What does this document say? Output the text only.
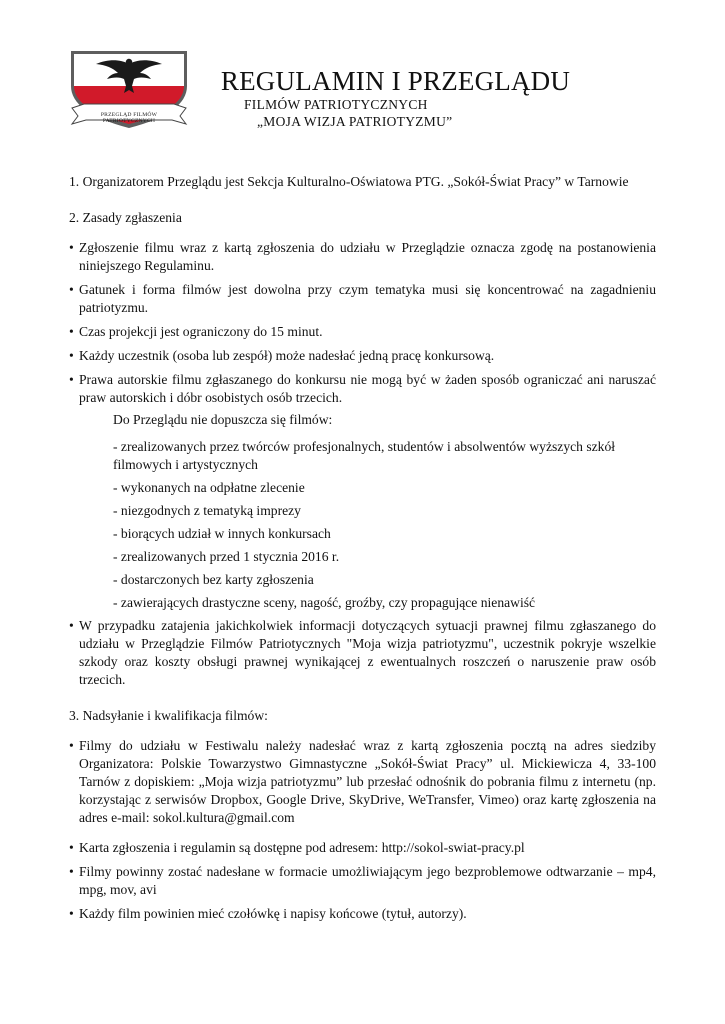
PRZEGLĄD FILMÓW PATRIOTYCZNYCH
REGULAMIN I PRZEGLĄDU
FILMÓW PATRIOTYCZNYCH
„MOJA WIZJA PATRIOTYZMU”

1. Organizatorem Przeglądu jest Sekcja Kulturalno-Oświatowa PTG. „Sokół-Świat Pracy” w Tarnowie

2. Zasady zgłaszenia

• Zgłoszenie filmu wraz z kartą zgłoszenia do udziału w Przeglądzie oznacza zgodę na postanowienia niniejszego Regulaminu.

• Gatunek i forma filmów jest dowolna przy czym tematyka musi się koncentrować na zagadnieniu patriotyzmu.

• Czas projekcji jest ograniczony do 15 minut.

• Każdy uczestnik (osoba lub zespół) może nadesłać jedną pracę konkursową.

• Prawa autorskie filmu zgłaszanego do konkursu nie mogą być w żaden sposób ograniczać ani naruszać praw autorskich i dóbr osobistych osób trzecich.

Do Przeglądu nie dopuszcza się filmów:

- zrealizowanych przez twórców profesjonalnych, studentów i absolwentów wyższych szkół filmowych i artystycznych

- wykonanych na odpłatne zlecenie

- niezgodnych z tematyką imprezy

- biorących udział w innych konkursach

- zrealizowanych przed 1 stycznia 2016 r.

- dostarczonych bez karty zgłoszenia

- zawierających drastyczne sceny, nagość, groźby, czy propagujące nienawiść

• W przypadku zatajenia jakichkolwiek informacji dotyczących sytuacji prawnej filmu zgłaszanego do udziału w Przeglądzie Filmów Patriotycznych "Moja wizja patriotyzmu", uczestnik pokryje wszelkie szkody oraz koszty obsługi prawnej wynikającej z ewentualnych roszczeń o naruszenie praw osób trzecich.

3. Nadsyłanie i kwalifikacja filmów:

• Filmy do udziału w Festiwalu należy nadesłać wraz z kartą zgłoszenia pocztą na adres siedziby Organizatora: Polskie Towarzystwo Gimnastyczne „Sokół-Świat Pracy” ul. Mickiewicza 4, 33-100 Tarnów z dopiskiem: „Moja wizja patriotyzmu” lub przesłać odnośnik do pobrania filmu z internetu (np. korzystając z serwisów Dropbox, Google Drive, SkyDrive, WeTransfer, Vimeo) oraz kartę zgłoszenia na adres e-mail: sokol.kultura@gmail.com

• Karta zgłoszenia i regulamin są dostępne pod adresem: http://sokol-swiat-pracy.pl

• Filmy powinny zostać nadesłane w formacie umożliwiającym jego bezproblemowe odtwarzanie – mp4, mpg, mov, avi

• Każdy film powinien mieć czołówkę i napisy końcowe (tytuł, autorzy).
